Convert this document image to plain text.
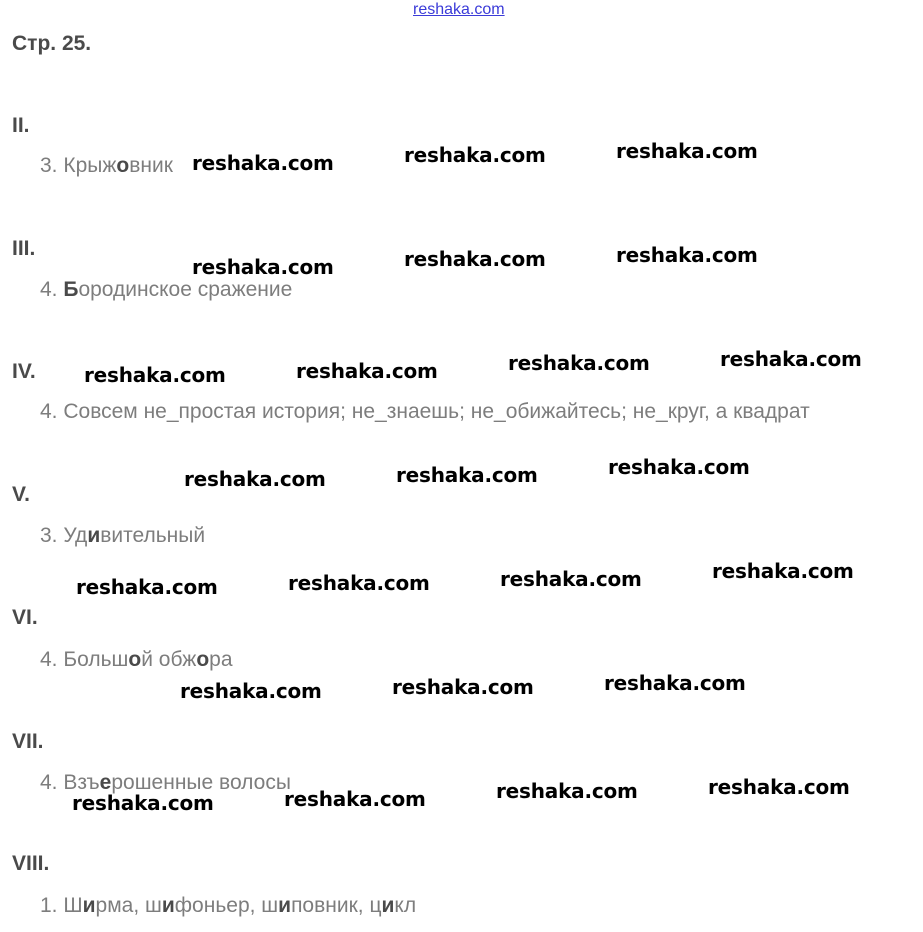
reshaka.com
Стр. 25.
II.
3. Крыжовник
III.
4. Бородинское сражение
IV.
4. Совсем не_простая история; не_знаешь; не_обижайтесь; не_круг, а квадрат
V.
3. Удивительный
VI.
4. Большой обжора
VII.
4. Взъерошенные волосы
VIII.
1. Ширма, шифоньер, шиповник, цикл
reshaka.com	reshaka.com	reshaka.com
reshaka.com	reshaka.com	reshaka.com
reshaka.com	reshaka.com	reshaka.com	reshaka.com
reshaka.com	reshaka.com	reshaka.com
reshaka.com	reshaka.com	reshaka.com	reshaka.com
reshaka.com	reshaka.com	reshaka.com
reshaka.com	reshaka.com	reshaka.com	reshaka.com
